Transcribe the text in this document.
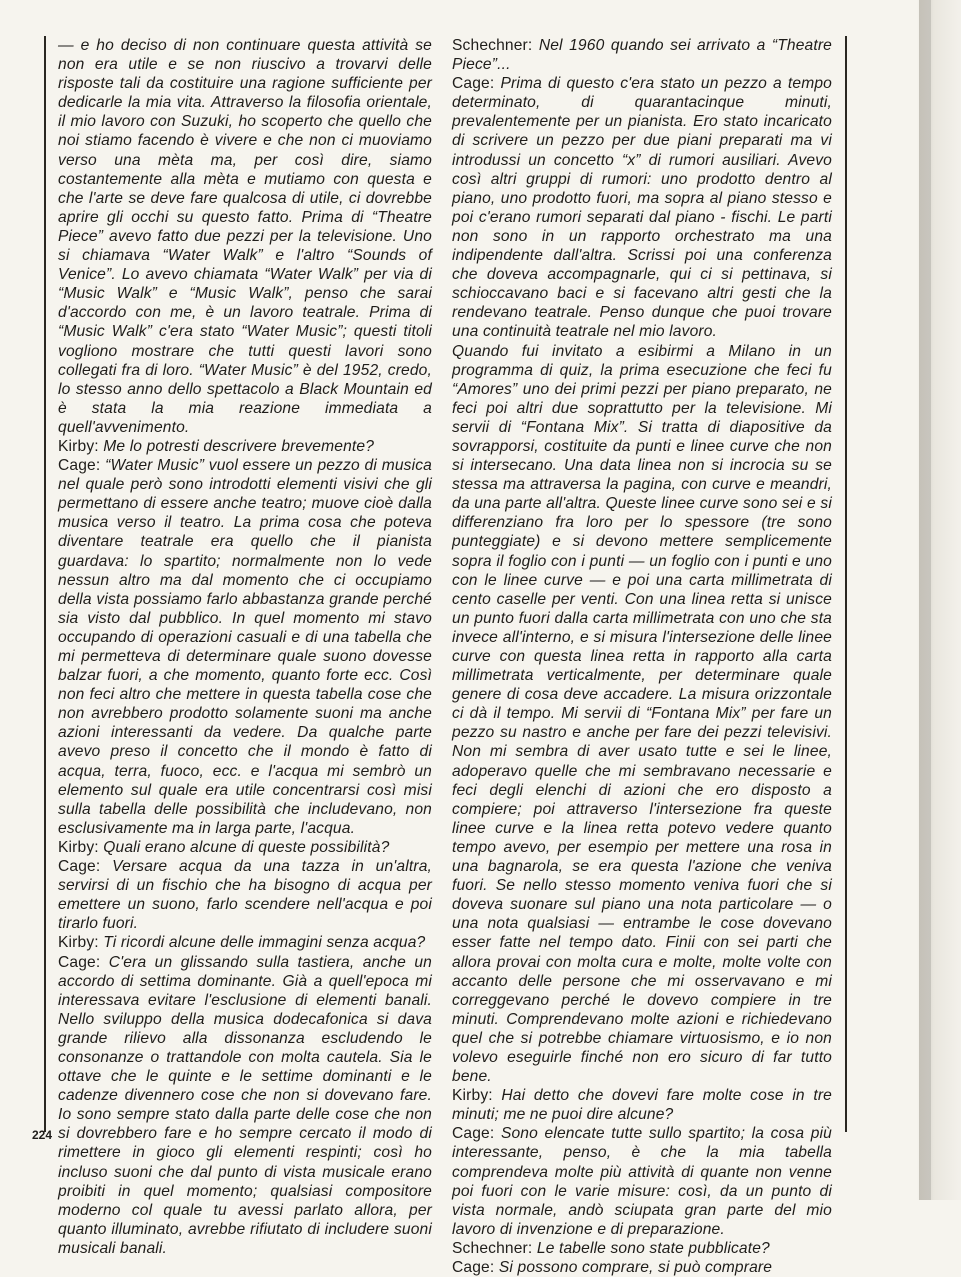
— e ho deciso di non continuare questa attività se non era utile e se non riuscivo a trovarvi delle risposte tali da costituire una ragione sufficiente per dedicarle la mia vita. Attraverso la filosofia orientale, il mio lavoro con Suzuki, ho scoperto che quello che noi stiamo facendo è vivere e che non ci muoviamo verso una mèta ma, per così dire, siamo costantemente alla mèta e mutiamo con questa e che l'arte se deve fare qualcosa di utile, ci dovrebbe aprire gli occhi su questo fatto. Prima di “Theatre Piece” avevo fatto due pezzi per la televisione. Uno si chiamava “Water Walk” e l'altro “Sounds of Venice”. Lo avevo chiamata “Water Walk” per via di “Music Walk” e “Music Walk”, penso che sarai d'accordo con me, è un lavoro teatrale. Prima di “Music Walk” c'era stato “Water Music”; questi titoli vogliono mostrare che tutti questi lavori sono collegati fra di loro. “Water Music” è del 1952, credo, lo stesso anno dello spettacolo a Black Mountain ed è stata la mia reazione immediata a quell'avvenimento.

Kirby: Me lo potresti descrivere brevemente?

Cage: “Water Music” vuol essere un pezzo di musica nel quale però sono introdotti elementi visivi che gli permettano di essere anche teatro; muove cioè dalla musica verso il teatro. La prima cosa che poteva diventare teatrale era quello che il pianista guardava: lo spartito; normalmente non lo vede nessun altro ma dal momento che ci occupiamo della vista possiamo farlo abbastanza grande perché sia visto dal pubblico. In quel momento mi stavo occupando di operazioni casuali e di una tabella che mi permetteva di determinare quale suono dovesse balzar fuori, a che momento, quanto forte ecc. Così non feci altro che mettere in questa tabella cose che non avrebbero prodotto solamente suoni ma anche azioni interessanti da vedere. Da qualche parte avevo preso il concetto che il mondo è fatto di acqua, terra, fuoco, ecc. e l'acqua mi sembrò un elemento sul quale era utile concentrarsi così misi sulla tabella delle possibilità che includevano, non esclusivamente ma in larga parte, l'acqua.

Kirby: Quali erano alcune di queste possibilità?

Cage: Versare acqua da una tazza in un'altra, servirsi di un fischio che ha bisogno di acqua per emettere un suono, farlo scendere nell'acqua e poi tirarlo fuori.

Kirby: Ti ricordi alcune delle immagini senza acqua?

Cage: C'era un glissando sulla tastiera, anche un accordo di settima dominante. Già a quell'epoca mi interessava evitare l'esclusione di elementi banali. Nello sviluppo della musica dodecafonica si dava grande rilievo alla dissonanza escludendo le consonanze o trattandole con molta cautela. Sia le ottave che le quinte e le settime dominanti e le cadenze divennero cose che non si dovevano fare. Io sono sempre stato dalla parte delle cose che non si dovrebbero fare e ho sempre cercato il modo di rimettere in gioco gli elementi respinti; così ho incluso suoni che dal punto di vista musicale erano proibiti in quel momento; qualsiasi compositore moderno col quale tu avessi parlato allora, per quanto illuminato, avrebbe rifiutato di includere suoni musicali banali.

Schechner: Nel 1960 quando sei arrivato a “Theatre Piece”...

Cage: Prima di questo c'era stato un pezzo a tempo determinato, di quarantacinque minuti, prevalentemente per un pianista. Ero stato incaricato di scrivere un pezzo per due piani preparati ma vi introdussi un concetto “x” di rumori ausiliari. Avevo così altri gruppi di rumori: uno prodotto dentro al piano, uno prodotto fuori, ma sopra al piano stesso e poi c'erano rumori separati dal piano - fischi. Le parti non sono in un rapporto orchestrato ma una indipendente dall'altra. Scrissi poi una conferenza che doveva accompagnarle, qui ci si pettinava, si schioccavano baci e si facevano altri gesti che la rendevano teatrale. Penso dunque che puoi trovare una continuità teatrale nel mio lavoro.

Quando fui invitato a esibirmi a Milano in un programma di quiz, la prima esecuzione che feci fu “Amores” uno dei primi pezzi per piano preparato, ne feci poi altri due soprattutto per la televisione. Mi servii di “Fontana Mix”. Si tratta di diapositive da sovrapporsi, costituite da punti e linee curve che non si intersecano. Una data linea non si incrocia su se stessa ma attraversa la pagina, con curve e meandri, da una parte all'altra. Queste linee curve sono sei e si differenziano fra loro per lo spessore (tre sono punteggiate) e si devono mettere semplicemente sopra il foglio con i punti — un foglio con i punti e uno con le linee curve — e poi una carta millimetrata di cento caselle per venti. Con una linea retta si unisce un punto fuori dalla carta millimetrata con uno che sta invece all'interno, e si misura l'intersezione delle linee curve con questa linea retta in rapporto alla carta millimetrata verticalmente, per determinare quale genere di cosa deve accadere. La misura orizzontale ci dà il tempo. Mi servii di “Fontana Mix” per fare un pezzo su nastro e anche per fare dei pezzi televisivi. Non mi sembra di aver usato tutte e sei le linee, adoperavo quelle che mi sembravano necessarie e feci degli elenchi di azioni che ero disposto a compiere; poi attraverso l'intersezione fra queste linee curve e la linea retta potevo vedere quanto tempo avevo, per esempio per mettere una rosa in una bagnarola, se era questa l'azione che veniva fuori. Se nello stesso momento veniva fuori che si doveva suonare sul piano una nota particolare — o una nota qualsiasi — entrambe le cose dovevano esser fatte nel tempo dato. Finii con sei parti che allora provai con molta cura e molte, molte volte con accanto delle persone che mi osservavano e mi correggevano perché le dovevo compiere in tre minuti. Comprendevano molte azioni e richiedevano quel che si potrebbe chiamare virtuosismo, e io non volevo eseguirle finché non ero sicuro di far tutto bene.

Kirby: Hai detto che dovevi fare molte cose in tre minuti; me ne puoi dire alcune?

Cage: Sono elencate tutte sullo spartito; la cosa più interessante, penso, è che la mia tabella comprendeva molte più attività di quante non venne poi fuori con le varie misure: così, da un punto di vista normale, andò sciupata gran parte del mio lavoro di invenzione e di preparazione.

Schechner: Le tabelle sono state pubblicate?

Cage: Si possono comprare, si può comprare

224
